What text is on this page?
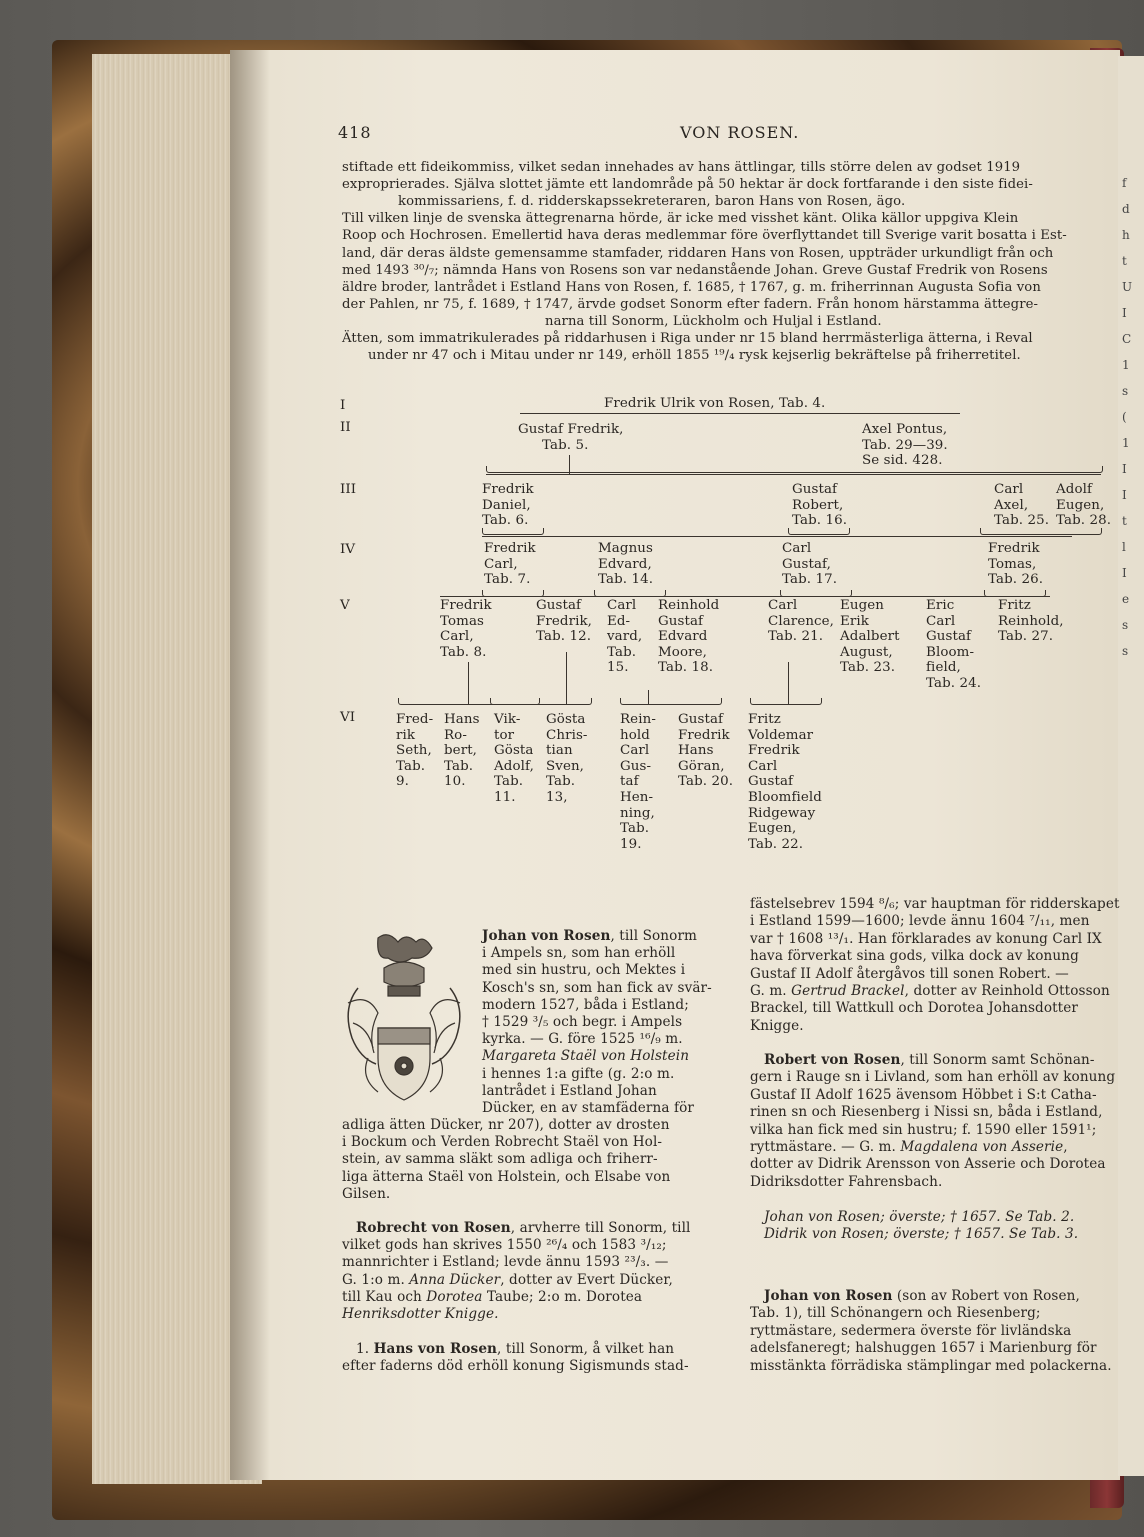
f
d
h
t
U
I
C
1
s
(
1
I
I
t
l
I
e
s
s
418	VON ROSEN.
stiftade ett fideikommiss, vilket sedan innehades av hans ättlingar, tills större delen av godset 1919
exproprierades. Själva slottet jämte ett landområde på 50 hektar är dock fortfarande i den siste fidei-
kommissariens, f. d. ridderskapssekreteraren, baron Hans von Rosen, ägo.
Till vilken linje de svenska ättegrenarna hörde, är icke med visshet känt. Olika källor uppgiva Klein
Roop och Hochrosen. Emellertid hava deras medlemmar före överflyttandet till Sverige varit bosatta i Est-
land, där deras äldste gemensamme stamfader, riddaren Hans von Rosen, uppträder urkundligt från och
med 1493 ³⁰/₇; nämnda Hans von Rosens son var nedanstående Johan. Greve Gustaf Fredrik von Rosens
äldre broder, lantrådet i Estland Hans von Rosen, f. 1685, † 1767, g. m. friherrinnan Augusta Sofia von
der Pahlen, nr 75, f. 1689, † 1747, ärvde godset Sonorm efter fadern. Från honom härstamma ättegre-
narna till Sonorm, Lückholm och Huljal i Estland.
Ätten, som immatrikulerades på riddarhusen i Riga under nr 15 bland herrmästerliga ätterna, i Reval
under nr 47 och i Mitau under nr 149, erhöll 1855 ¹⁹/₄ rysk kejserlig bekräftelse på friherretitel.
I
II
III
IV
V
VI
Fredrik Ulrik von Rosen, Tab. 4.
Gustaf Fredrik,
Tab. 5.
Axel Pontus,
Tab. 29—39.
Se sid. 428.
Fredrik
Daniel,
Tab. 6.
Gustaf
Robert,
Tab. 16.
Carl
Axel,
Tab. 25.
Adolf
Eugen,
Tab. 28.
Fredrik
Carl,
Tab. 7.
Magnus
Edvard,
Tab. 14.
Carl
Gustaf,
Tab. 17.
Fredrik
Tomas,
Tab. 26.
Fredrik
Tomas
Carl,
Tab. 8.
Gustaf
Fredrik,
Tab. 12.
Carl
Ed-
vard,
Tab.
15.
Reinhold
Gustaf
Edvard
Moore,
Tab. 18.
Carl
Clarence,
Tab. 21.
Eugen
Erik
Adalbert
August,
Tab. 23.
Eric
Carl
Gustaf
Bloom-
field,
Tab. 24.
Fritz
Reinhold,
Tab. 27.
Fred-
rik
Seth,
Tab.
9.
Hans
Ro-
bert,
Tab.
10.
Vik-
tor
Gösta
Adolf,
Tab.
11.
Gösta
Chris-
tian
Sven,
Tab.
13,
Rein-
hold
Carl
Gus-
taf
Hen-
ning,
Tab.
19.
Gustaf
Fredrik
Hans
Göran,
Tab. 20.
Fritz
Voldemar
Fredrik
Carl
Gustaf
Bloomfield
Ridgeway
Eugen,
Tab. 22.
Johan von Rosen, till Sonorm
i Ampels sn, som han erhöll
med sin hustru, och Mektes i
Kosch's sn, som han fick av svär-
modern 1527, båda i Estland;
† 1529 ³/₅ och begr. i Ampels
kyrka. — G. före 1525 ¹⁶/₉ m.
Margareta Staël von Holstein
i hennes 1:a gifte (g. 2:o m.
lantrådet i Estland Johan
Dücker, en av stamfäderna för
adliga ätten Dücker, nr 207), dotter av drosten
i Bockum och Verden Robrecht Staël von Hol-
stein, av samma släkt som adliga och friherr-
liga ätterna Staël von Holstein, och Elsabe von
Gilsen.
Robrecht von Rosen, arvherre till Sonorm, till
vilket gods han skrives 1550 ²⁶/₄ och 1583 ³/₁₂;
mannrichter i Estland; levde ännu 1593 ²³/₃. —
G. 1:o m. Anna Dücker, dotter av Evert Dücker,
till Kau och Dorotea Taube; 2:o m. Dorotea
Henriksdotter Knigge.
1. Hans von Rosen, till Sonorm, å vilket han
efter faderns död erhöll konung Sigismunds stad-
fästelsebrev 1594 ⁸/₆; var hauptman för ridderskapet
i Estland 1599—1600; levde ännu 1604 ⁷/₁₁, men
var † 1608 ¹³/₁. Han förklarades av konung Carl IX
hava förverkat sina gods, vilka dock av konung
Gustaf II Adolf återgåvos till sonen Robert. —
G. m. Gertrud Brackel, dotter av Reinhold Ottosson
Brackel, till Wattkull och Dorotea Johansdotter
Knigge.
Robert von Rosen, till Sonorm samt Schönan-
gern i Rauge sn i Livland, som han erhöll av konung
Gustaf II Adolf 1625 ävensom Höbbet i S:t Catha-
rinen sn och Riesenberg i Nissi sn, båda i Estland,
vilka han fick med sin hustru; f. 1590 eller 1591¹;
ryttmästare. — G. m. Magdalena von Asserie,
dotter av Didrik Arensson von Asserie och Dorotea
Didriksdotter Fahrensbach.
Johan von Rosen; överste; † 1657. Se Tab. 2.
Didrik von Rosen; överste; † 1657. Se Tab. 3.
Johan von Rosen (son av Robert von Rosen,
Tab. 1), till Schönangern och Riesenberg;
ryttmästare, sedermera överste för livländska
adelsfaneregt; halshuggen 1657 i Marienburg för
misstänkta förrädiska stämplingar med polackerna.
